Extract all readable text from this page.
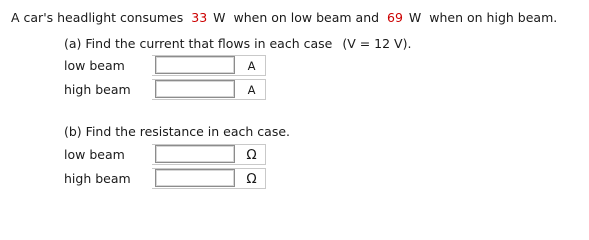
A car's headlight consumes 33 W when on low beam and 69 W when on high beam.
(a) Find the current that flows in each case (V = 12 V).
low beam	A
high beam	A
(b) Find the resistance in each case.
low beam	Ω
high beam	Ω
